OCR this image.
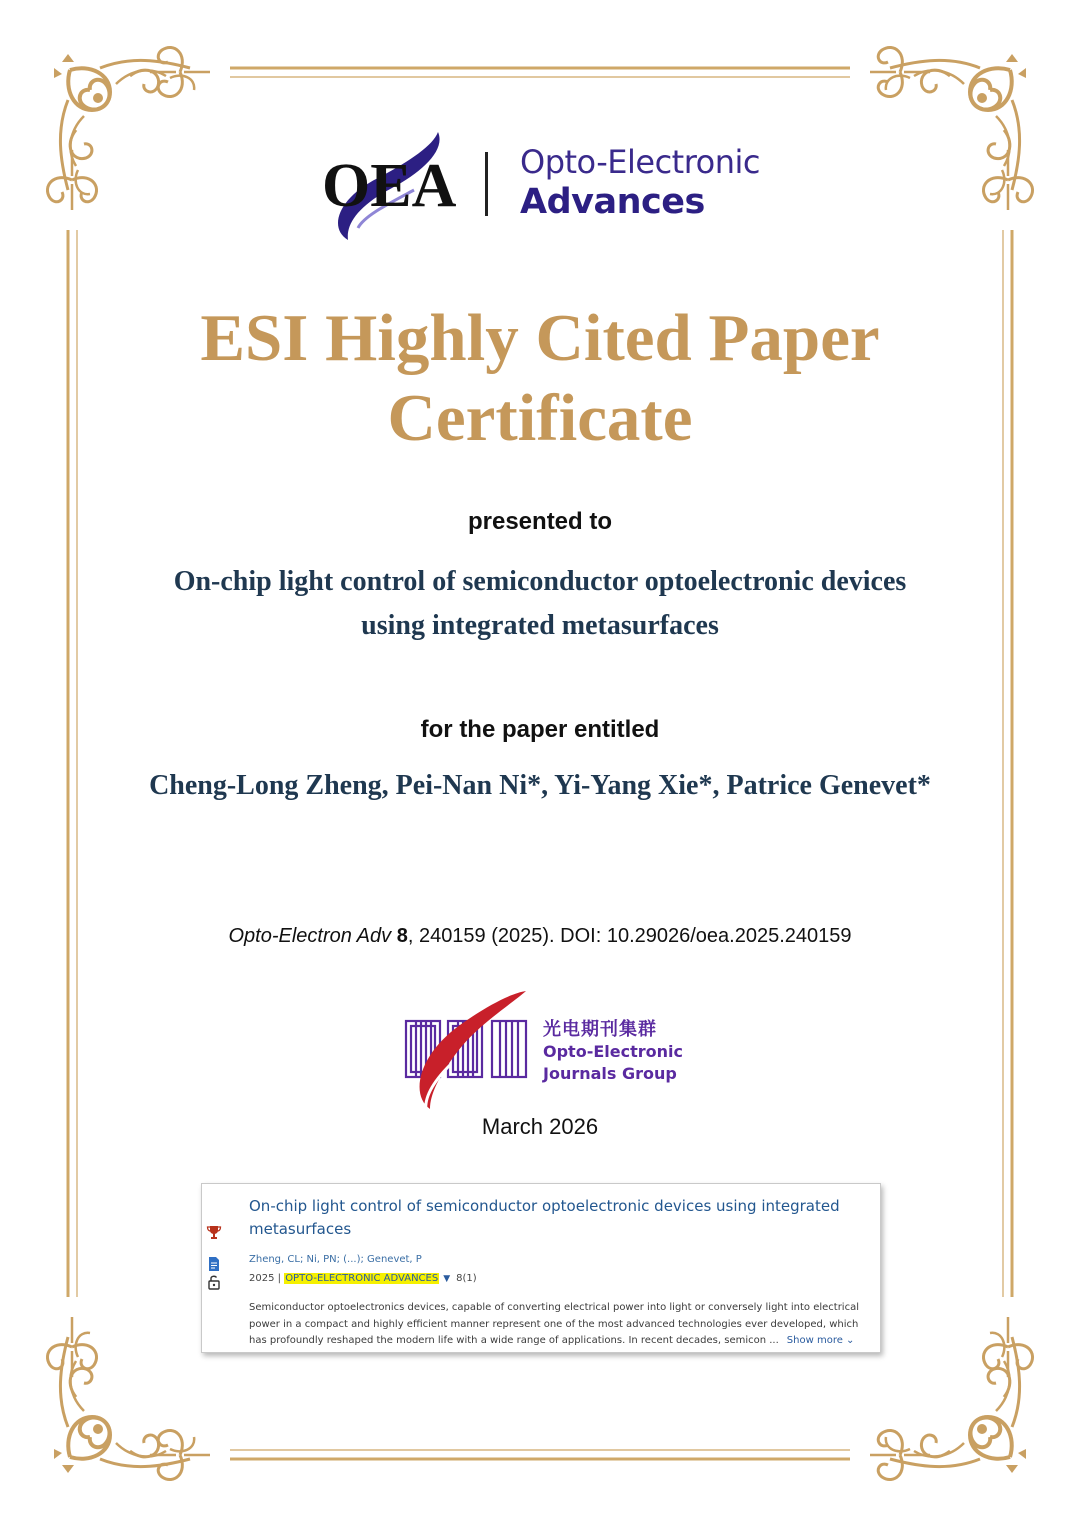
OEA Opto-Electronic
Advances
ESI Highly Cited Paper
Certificate
presented to
On-chip light control of semiconductor optoelectronic devices
using integrated metasurfaces
for the paper entitled
Cheng-Long Zheng, Pei-Nan Ni*, Yi-Yang Xie*, Patrice Genevet*
Opto-Electron Adv 8, 240159 (2025). DOI: 10.29026/oea.2025.240159
光电期刊集群
Opto-Electronic
Journals Group
March 2026
On-chip light control of semiconductor optoelectronic devices using integrated metasurfaces
Zheng, CL; Ni, PN; (...); Genevet, P
2025 | OPTO-ELECTRONIC ADVANCES ▼ 8(1)
Semiconductor optoelectronics devices, capable of converting electrical power into light or conversely light into electrical power in a compact and highly efficient manner represent one of the most advanced technologies ever developed, which has profoundly reshaped the modern life with a wide range of applications. In recent decades, semicon ... Show more ⌄
